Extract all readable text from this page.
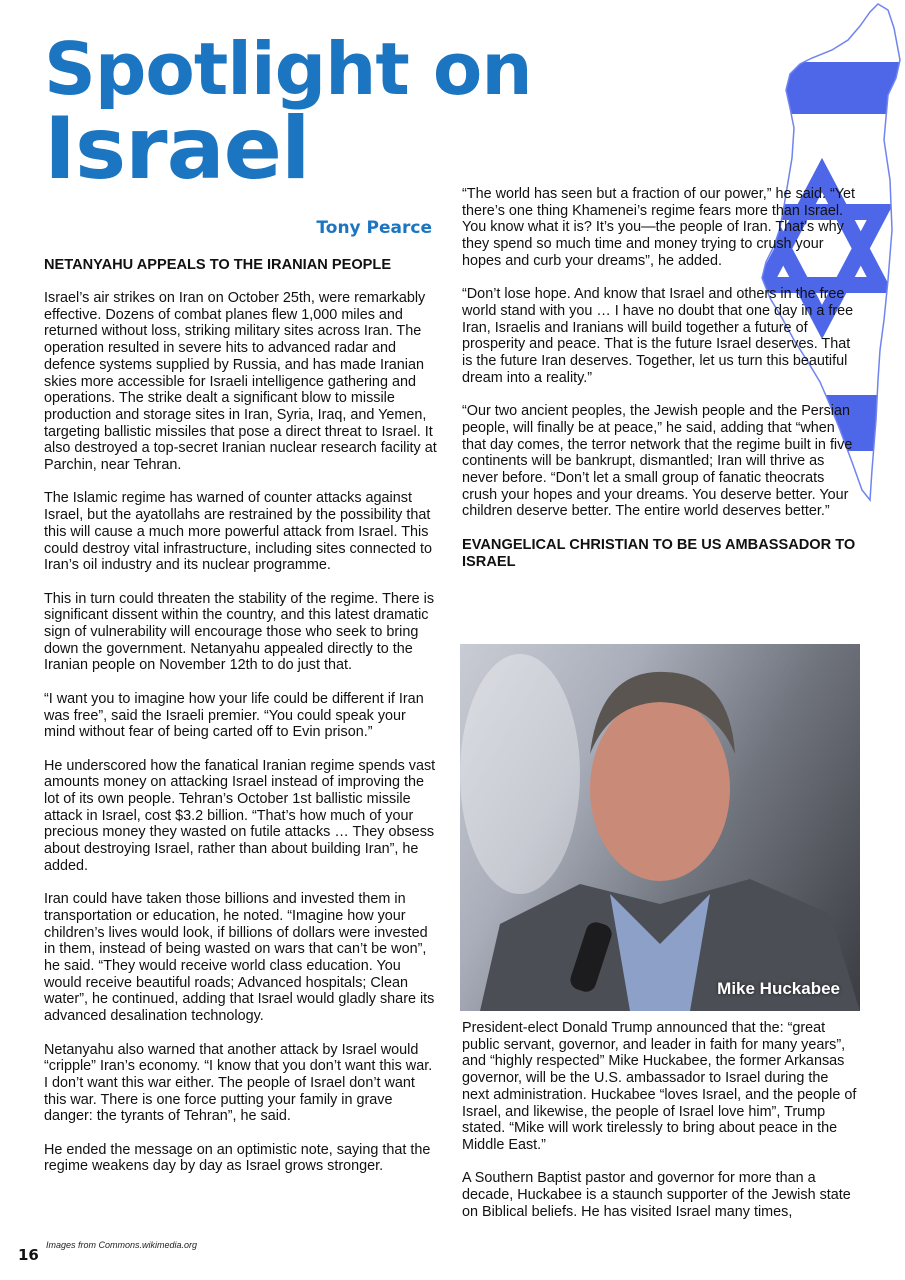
Spotlight on
Israel
Tony Pearce
NETANYAHU APPEALS TO THE IRANIAN PEOPLE

Israel’s air strikes on Iran on October 25th, were remarkably effective. Dozens of combat planes flew 1,000 miles and returned without loss, striking military sites across Iran. The operation resulted in severe hits to advanced radar and defence systems supplied by Russia, and has made Iranian skies more accessible for Israeli intelligence gathering and operations. The strike dealt a significant blow to missile production and storage sites in Iran, Syria, Iraq, and Yemen, targeting ballistic missiles that pose a direct threat to Israel. It also destroyed a top-secret Iranian nuclear research facility at Parchin, near Tehran.

The Islamic regime has warned of counter attacks against Israel, but the ayatollahs are restrained by the possibility that this will cause a much more powerful attack from Israel. This could destroy vital infrastructure, including sites connected to Iran’s oil industry and its nuclear programme.

This in turn could threaten the stability of the regime. There is significant dissent within the country, and this latest dramatic sign of vulnerability will encourage those who seek to bring down the government. Netanyahu appealed directly to the Iranian people on November 12th to do just that.

“I want you to imagine how your life could be different if Iran was free”, said the Israeli premier. “You could speak your mind without fear of being carted off to Evin prison.”

He underscored how the fanatical Iranian regime spends vast amounts money on attacking Israel instead of improving the lot of its own people. Tehran’s October 1st ballistic missile attack in Israel, cost $3.2 billion. “That’s how much of your precious money they wasted on futile attacks … They obsess about destroying Israel, rather than about building Iran”, he added.

Iran could have taken those billions and invested them in transportation or education, he noted. “Imagine how your children’s lives would look, if billions of dollars were invested in them, instead of being wasted on wars that can’t be won”, he said. “They would receive world class education. You would receive beautiful roads; Advanced hospitals; Clean water”, he continued, adding that Israel would gladly share its advanced desalination technology.

Netanyahu also warned that another attack by Israel would “cripple” Iran’s economy. “I know that you don’t want this war. I don’t want this war either. The people of Israel don’t want this war. There is one force putting your family in grave danger: the tyrants of Tehran”, he said.

He ended the message on an optimistic note, saying that the regime weakens day by day as Israel grows stronger.

“The world has seen but a fraction of our power,” he said. “Yet there’s one thing Khamenei’s regime fears more than Israel. You know what it is? It’s you—the people of Iran. That’s why they spend so much time and money trying to crush your hopes and curb your dreams”, he added.

“Don’t lose hope. And know that Israel and others in the free world stand with you … I have no doubt that one day in a free Iran, Israelis and Iranians will build together a future of prosperity and peace. That is the future Israel deserves. That is the future Iran deserves. Together, let us turn this beautiful dream into a reality.”

“Our two ancient peoples, the Jewish people and the Persian people, will finally be at peace,” he said, adding that “when that day comes, the terror network that the regime built in five continents will be bankrupt, dismantled; Iran will thrive as never before. “Don’t let a small group of fanatic theocrats crush your hopes and your dreams. You deserve better. Your children deserve better. The entire world deserves better.”

EVANGELICAL CHRISTIAN TO BE US AMBASSADOR TO ISRAEL
Mike Huckabee

President-elect Donald Trump announced that the: “great public servant, governor, and leader in faith for many years”, and “highly respected” Mike Huckabee, the former Arkansas governor, will be the U.S. ambassador to Israel during the next administration. Huckabee “loves Israel, and the people of Israel, and likewise, the people of Israel love him”, Trump stated. “Mike will work tirelessly to bring about peace in the Middle East.”

A Southern Baptist pastor and governor for more than a decade, Huckabee is a staunch supporter of the Jewish state on Biblical beliefs. He has visited Israel many times,

Images from Commons.wikimedia.org
16
